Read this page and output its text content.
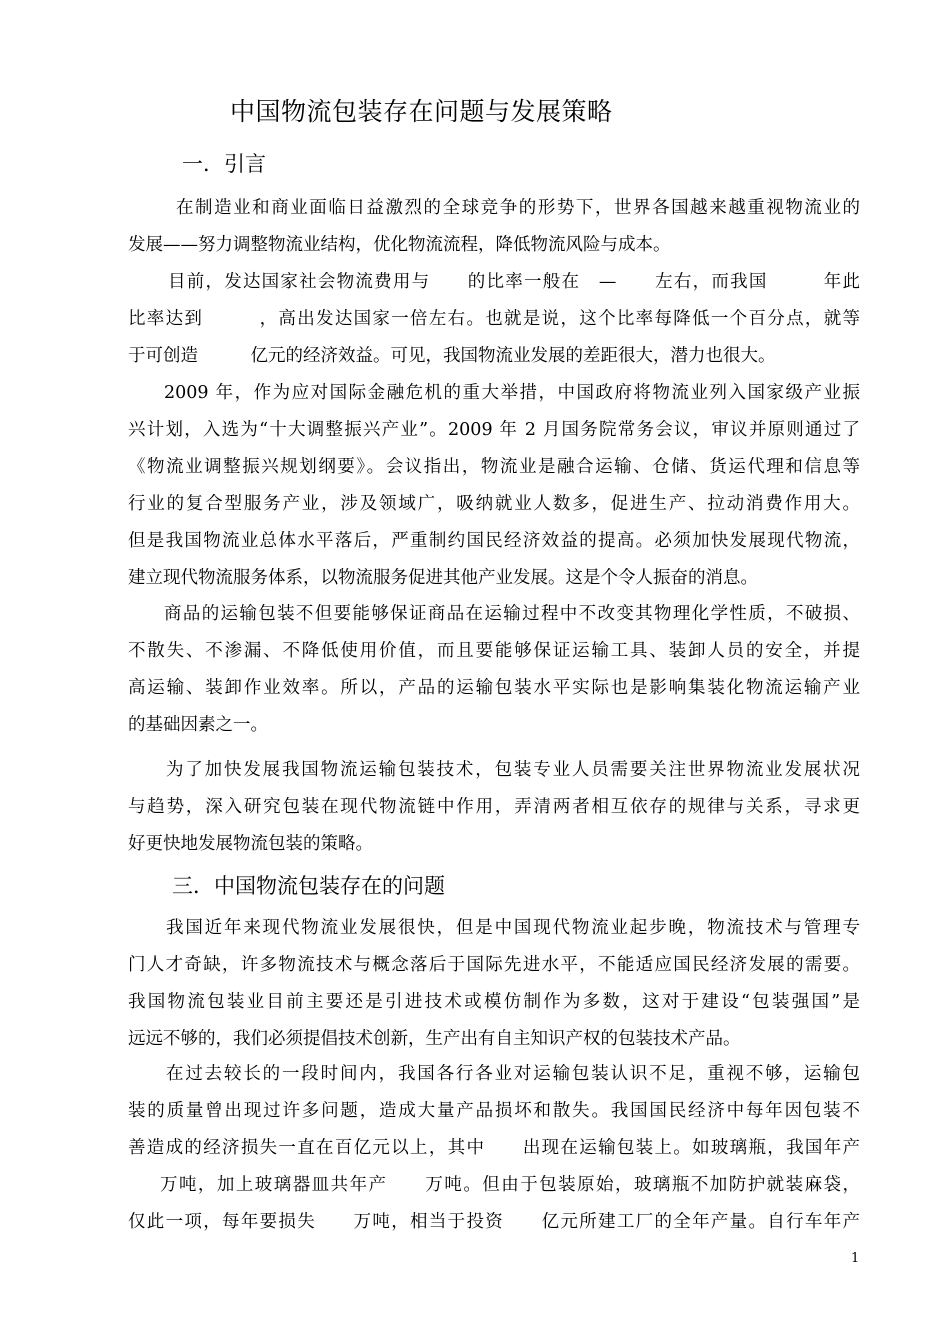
中国物流包装存在问题与发展策略
一．引言
在制造业和商业面临日益激烈的全球竞争的形势下，世界各国越来越重视物流业的
发展——努力调整物流业结构，优化物流流程，降低物流风险与成本。
目前，发达国家社会物流费用与　　的比率一般在　—　　左右，而我国　　　年此
比率达到　　　，高出发达国家一倍左右。也就是说，这个比率每降低一个百分点，就等
于可创造　　　亿元的经济效益。可见，我国物流业发展的差距很大，潜力也很大。
2009 年，作为应对国际金融危机的重大举措，中国政府将物流业列入国家级产业振
兴计划，入选为“十大调整振兴产业”。2009 年 2 月国务院常务会议，审议并原则通过了
《物流业调整振兴规划纲要》。会议指出，物流业是融合运输、仓储、货运代理和信息等
行业的复合型服务产业，涉及领域广，吸纳就业人数多，促进生产、拉动消费作用大。
但是我国物流业总体水平落后，严重制约国民经济效益的提高。必须加快发展现代物流，
建立现代物流服务体系，以物流服务促进其他产业发展。这是个令人振奋的消息。
商品的运输包装不但要能够保证商品在运输过程中不改变其物理化学性质，不破损、
不散失、不渗漏、不降低使用价值，而且要能够保证运输工具、装卸人员的安全，并提
高运输、装卸作业效率。所以，产品的运输包装水平实际也是影响集装化物流运输产业
的基础因素之一。
为了加快发展我国物流运输包装技术，包装专业人员需要关注世界物流业发展状况
与趋势，深入研究包装在现代物流链中作用，弄清两者相互依存的规律与关系，寻求更
好更快地发展物流包装的策略。
三．中国物流包装存在的问题
我国近年来现代物流业发展很快，但是中国现代物流业起步晚，物流技术与管理专
门人才奇缺，许多物流技术与概念落后于国际先进水平，不能适应国民经济发展的需要。
我国物流包装业目前主要还是引进技术或模仿制作为多数，这对于建设“包装强国”是
远远不够的，我们必须提倡技术创新，生产出有自主知识产权的包装技术产品。
在过去较长的一段时间内，我国各行各业对运输包装认识不足，重视不够，运输包
装的质量曾出现过许多问题，造成大量产品损坏和散失。我国国民经济中每年因包装不
善造成的经济损失一直在百亿元以上，其中　　出现在运输包装上。如玻璃瓶，我国年产
万吨，加上玻璃器皿共年产　　万吨。但由于包装原始，玻璃瓶不加防护就装麻袋，
仅此一项，每年要损失　　万吨，相当于投资　　亿元所建工厂的全年产量。自行车年产
1
